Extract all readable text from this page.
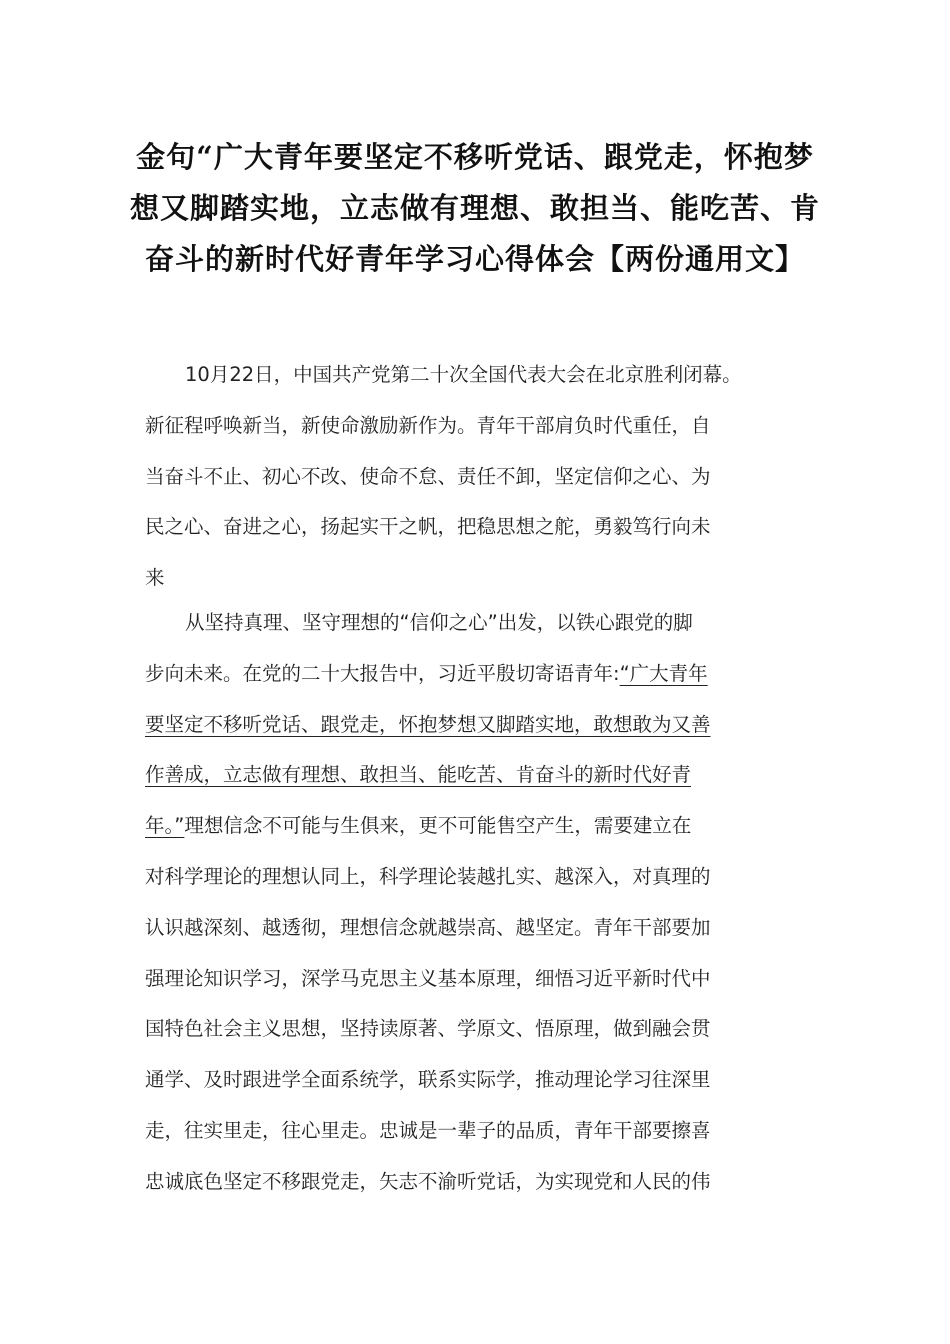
金句“广大青年要坚定不移听党话、跟党走，怀抱梦
想又脚踏实地，立志做有理想、敢担当、能吃苦、肯
奋斗的新时代好青年学习心得体会【两份通用文】

10月22日，中国共产党第二十次全国代表大会在北京胜利闭幕。
新征程呼唤新当，新使命激励新作为。青年干部肩负时代重任，自
当奋斗不止、初心不改、使命不怠、责任不卸，坚定信仰之心、为
民之心、奋进之心，扬起实干之帆，把稳思想之舵，勇毅笃行向未
来

从坚持真理、坚守理想的“信仰之心”出发，以铁心跟党的脚
步向未来。在党的二十大报告中，习近平殷切寄语青年:“广大青年
要坚定不移听党话、跟党走，怀抱梦想又脚踏实地，敢想敢为又善
作善成，立志做有理想、敢担当、能吃苦、肯奋斗的新时代好青
年。”理想信念不可能与生俱来，更不可能售空产生，需要建立在
对科学理论的理想认同上，科学理论装越扎实、越深入，对真理的
认识越深刻、越透彻，理想信念就越崇高、越坚定。青年干部要加
强理论知识学习，深学马克思主义基本原理，细悟习近平新时代中
国特色社会主义思想，坚持读原著、学原文、悟原理，做到融会贯
通学、及时跟进学全面系统学，联系实际学，推动理论学习往深里
走，往实里走，往心里走。忠诚是一辈子的品质，青年干部要擦喜
忠诚底色坚定不移跟党走，矢志不渝听党话，为实现党和人民的伟
